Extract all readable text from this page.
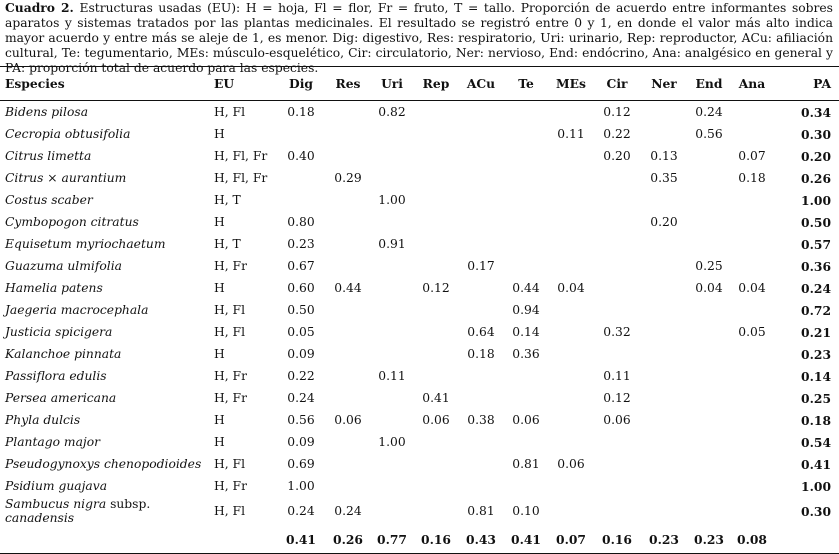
Cuadro 2. Estructuras usadas (EU): H = hoja, Fl = flor, Fr = fruto, T = tallo. Proporción de acuerdo entre informantes sobres aparatos y sistemas tratados por las plantas medicinales. El resultado se registró entre 0 y 1, en donde el valor más alto indica mayor acuerdo y entre más se aleje de 1, es menor. Dig: digestivo, Res: respiratorio, Uri: urinario, Rep: reproductor, ACu: afiliación cultural, Te: tegumentario, MEs: músculo-esquelético, Cir: circulatorio, Ner: nervioso, End: endócrino, Ana: analgésico en general y PA: proporción total de acuerdo para las especies.
Especies	EU	Dig	Res	Uri	Rep	ACu	Te	MEs	Cir	Ner	End	Ana	PA
Bidens pilosa	H, Fl	0.18		0.82					0.12		0.24		0.34
Cecropia obtusifolia	H							0.11	0.22		0.56		0.30
Citrus limetta	H, Fl, Fr	0.40							0.20	0.13		0.07	0.20
Citrus × aurantium	H, Fl, Fr		0.29							0.35		0.18	0.26
Costus scaber	H, T			1.00									1.00
Cymbopogon citratus	H	0.80								0.20			0.50
Equisetum myriochaetum	H, T	0.23		0.91									0.57
Guazuma ulmifolia	H, Fr	0.67				0.17					0.25		0.36
Hamelia patens	H	0.60	0.44		0.12		0.44	0.04			0.04	0.04	0.24
Jaegeria macrocephala	H, Fl	0.50					0.94						0.72
Justicia spicigera	H, Fl	0.05				0.64	0.14		0.32			0.05	0.21
Kalanchoe pinnata	H	0.09				0.18	0.36						0.23
Passiflora edulis	H, Fr	0.22		0.11					0.11				0.14
Persea americana	H, Fr	0.24			0.41				0.12				0.25
Phyla dulcis	H	0.56	0.06		0.06	0.38	0.06		0.06				0.18
Plantago major	H	0.09		1.00									0.54
Pseudogynoxys chenopodioides	H, Fl	0.69					0.81	0.06					0.41
Psidium guajava	H, Fr	1.00											1.00
Sambucus nigra subsp. canadensis	H, Fl	0.24	0.24			0.81	0.10						0.30
		0.41	0.26	0.77	0.16	0.43	0.41	0.07	0.16	0.23	0.23	0.08	
